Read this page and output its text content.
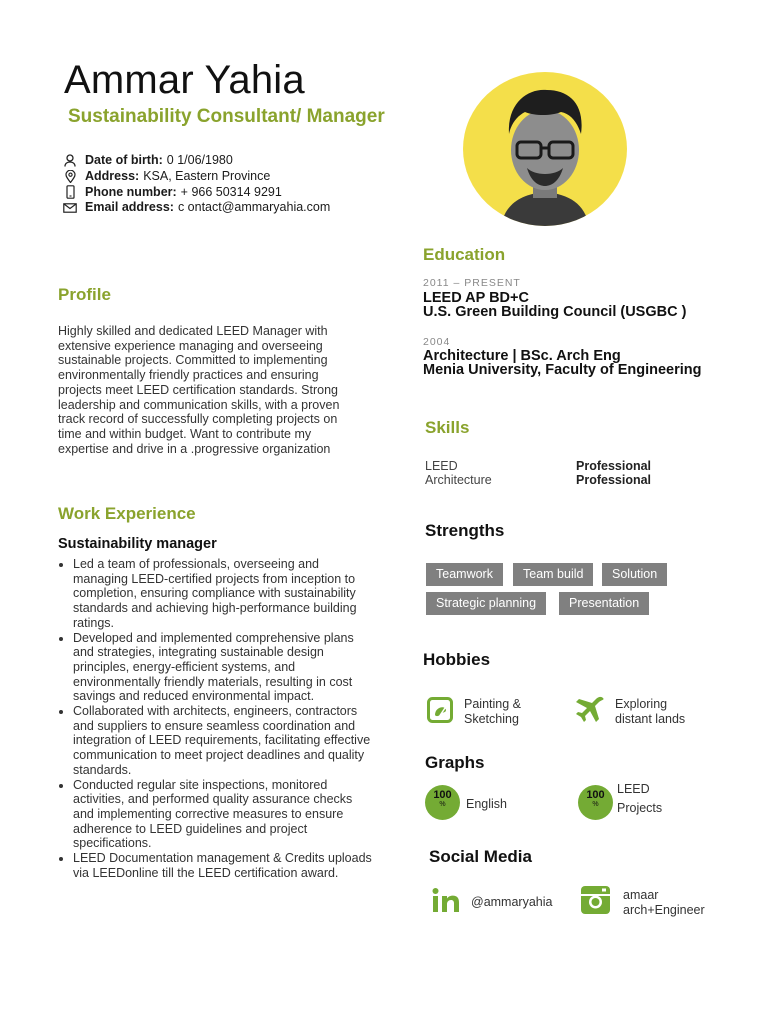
Ammar Yahia
Sustainability Consultant/ Manager
Date of birth: 0 1/06/1980
Address: KSA, Eastern Province
Phone number: + 966 50314 9291
Email address: c ontact@ammaryahia.com
Profile
Highly skilled and dedicated LEED Manager with extensive experience managing and overseeing sustainable projects. Committed to implementing environmentally friendly practices and ensuring projects meet LEED certification standards. Strong leadership and communication skills, with a proven track record of successfully completing projects on time and within budget. Want to contribute my expertise and drive in a .progressive organization
Work Experience
Sustainability manager
• Led a team of professionals, overseeing and managing LEED-certified projects from inception to completion, ensuring compliance with sustainability standards and achieving high-performance building ratings.
• Developed and implemented comprehensive plans and strategies, integrating sustainable design principles, energy-efficient systems, and environmentally friendly materials, resulting in cost savings and reduced environmental impact.
• Collaborated with architects, engineers, contractors and suppliers to ensure seamless coordination and integration of LEED requirements, facilitating effective communication to meet project deadlines and quality standards.
• Conducted regular site inspections, monitored activities, and performed quality assurance checks and implementing corrective measures to ensure adherence to LEED guidelines and project specifications.
• LEED Documentation management & Credits uploads via LEEDonline till the LEED certification award.
Education
2011 – PRESENT
LEED AP BD+C
U.S. Green Building Council (USGBC )
2004
Architecture | BSc. Arch Eng
Menia University, Faculty of Engineering
Skills
LEED	Professional
Architecture	Professional
Strengths
Teamwork	Team build	Solution
Strategic planning	Presentation
Hobbies
Painting &
Sketching
Exploring
distant lands
Graphs
100
%	English
100
%
LEED
Projects
Social Media
@ammaryahia	amaar
arch+Engineer
